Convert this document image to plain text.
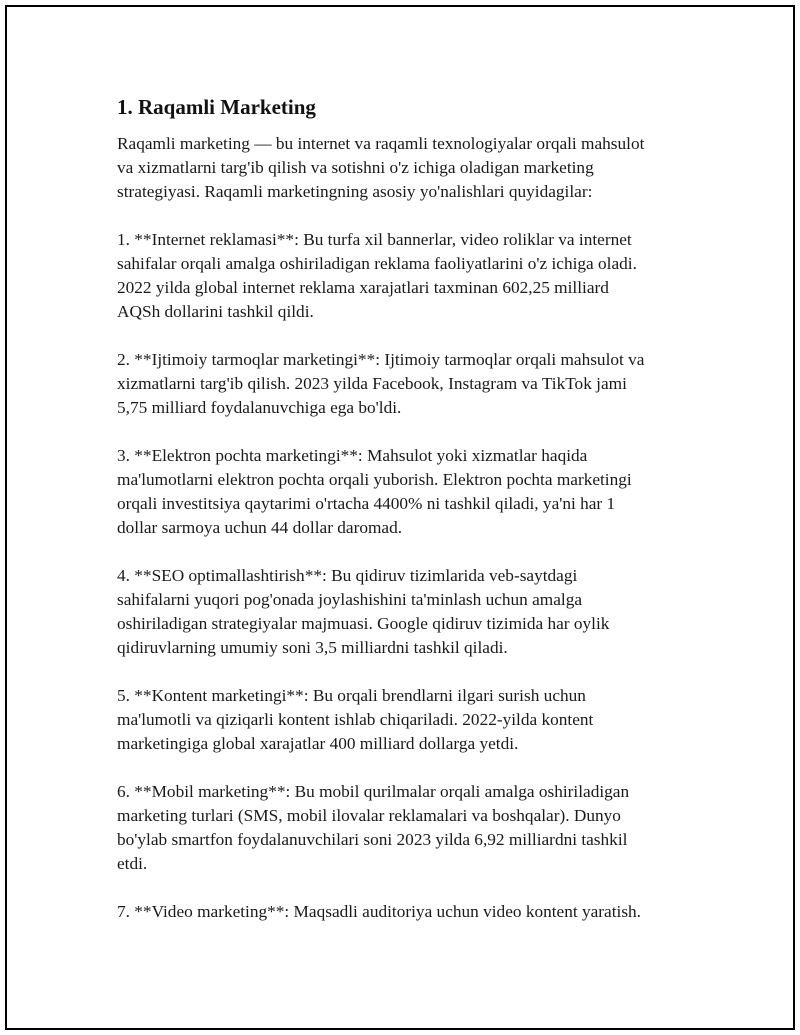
1. Raqamli Marketing

Raqamli marketing — bu internet va raqamli texnologiyalar orqali mahsulot
va xizmatlarni targ'ib qilish va sotishni o'z ichiga oladigan marketing
strategiyasi. Raqamli marketingning asosiy yo'nalishlari quyidagilar:

1. **Internet reklamasi**: Bu turfa xil bannerlar, video roliklar va internet
sahifalar orqali amalga oshiriladigan reklama faoliyatlarini o'z ichiga oladi.
2022 yilda global internet reklama xarajatlari taxminan 602,25 milliard
AQSh dollarini tashkil qildi.

2. **Ijtimoiy tarmoqlar marketingi**: Ijtimoiy tarmoqlar orqali mahsulot va
xizmatlarni targ'ib qilish. 2023 yilda Facebook, Instagram va TikTok jami
5,75 milliard foydalanuvchiga ega bo'ldi.

3. **Elektron pochta marketingi**: Mahsulot yoki xizmatlar haqida
ma'lumotlarni elektron pochta orqali yuborish. Elektron pochta marketingi
orqali investitsiya qaytarimi o'rtacha 4400% ni tashkil qiladi, ya'ni har 1
dollar sarmoya uchun 44 dollar daromad.

4. **SEO optimallashtirish**: Bu qidiruv tizimlarida veb-saytdagi
sahifalarni yuqori pog'onada joylashishini ta'minlash uchun amalga
oshiriladigan strategiyalar majmuasi. Google qidiruv tizimida har oylik
qidiruvlarning umumiy soni 3,5 milliardni tashkil qiladi.

5. **Kontent marketingi**: Bu orqali brendlarni ilgari surish uchun
ma'lumotli va qiziqarli kontent ishlab chiqariladi. 2022-yilda kontent
marketingiga global xarajatlar 400 milliard dollarga yetdi.

6. **Mobil marketing**: Bu mobil qurilmalar orqali amalga oshiriladigan
marketing turlari (SMS, mobil ilovalar reklamalari va boshqalar). Dunyo
bo'ylab smartfon foydalanuvchilari soni 2023 yilda 6,92 milliardni tashkil
etdi.

7. **Video marketing**: Maqsadli auditoriya uchun video kontent yaratish.
